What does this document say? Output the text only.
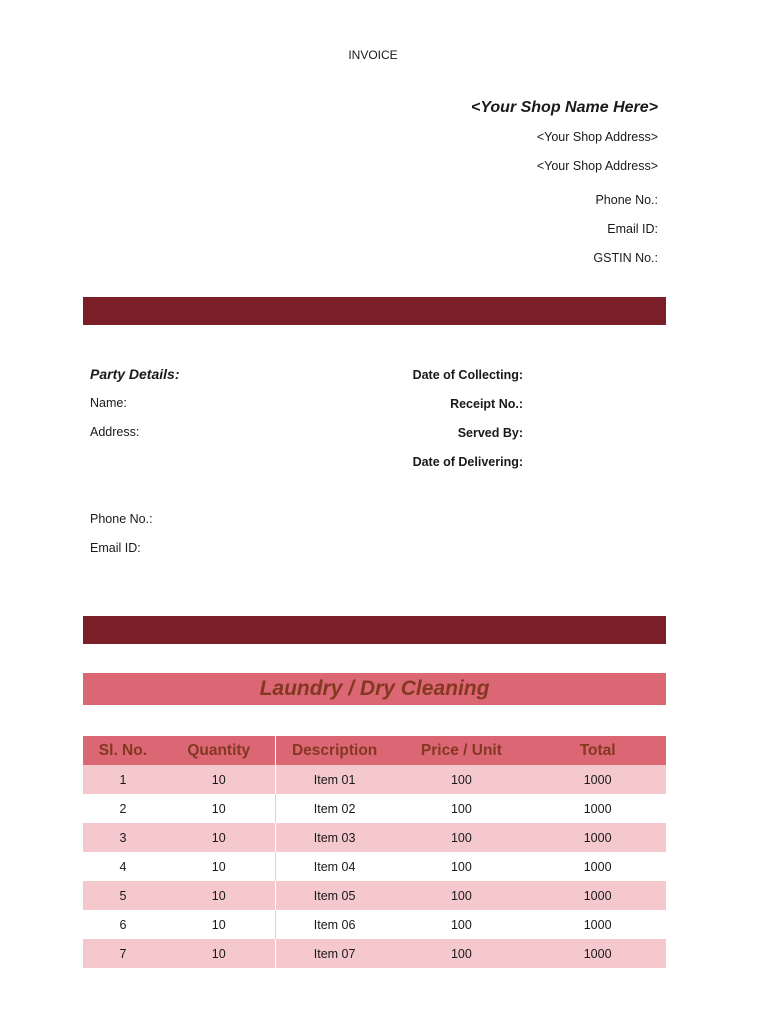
INVOICE
<Your Shop Name Here>
<Your Shop Address>
<Your Shop Address>
Phone No.:
Email ID:
GSTIN No.:
Party Details:
Name:
Address:
Phone No.:
Email ID:
Date of Collecting:
Receipt No.:
Served By:
Date of Delivering:
Laundry / Dry Cleaning
Sl. No.	Quantity	Description	Price / Unit	Total
1	10	Item 01	100	1000
2	10	Item 02	100	1000
3	10	Item 03	100	1000
4	10	Item 04	100	1000
5	10	Item 05	100	1000
6	10	Item 06	100	1000
7	10	Item 07	100	1000
